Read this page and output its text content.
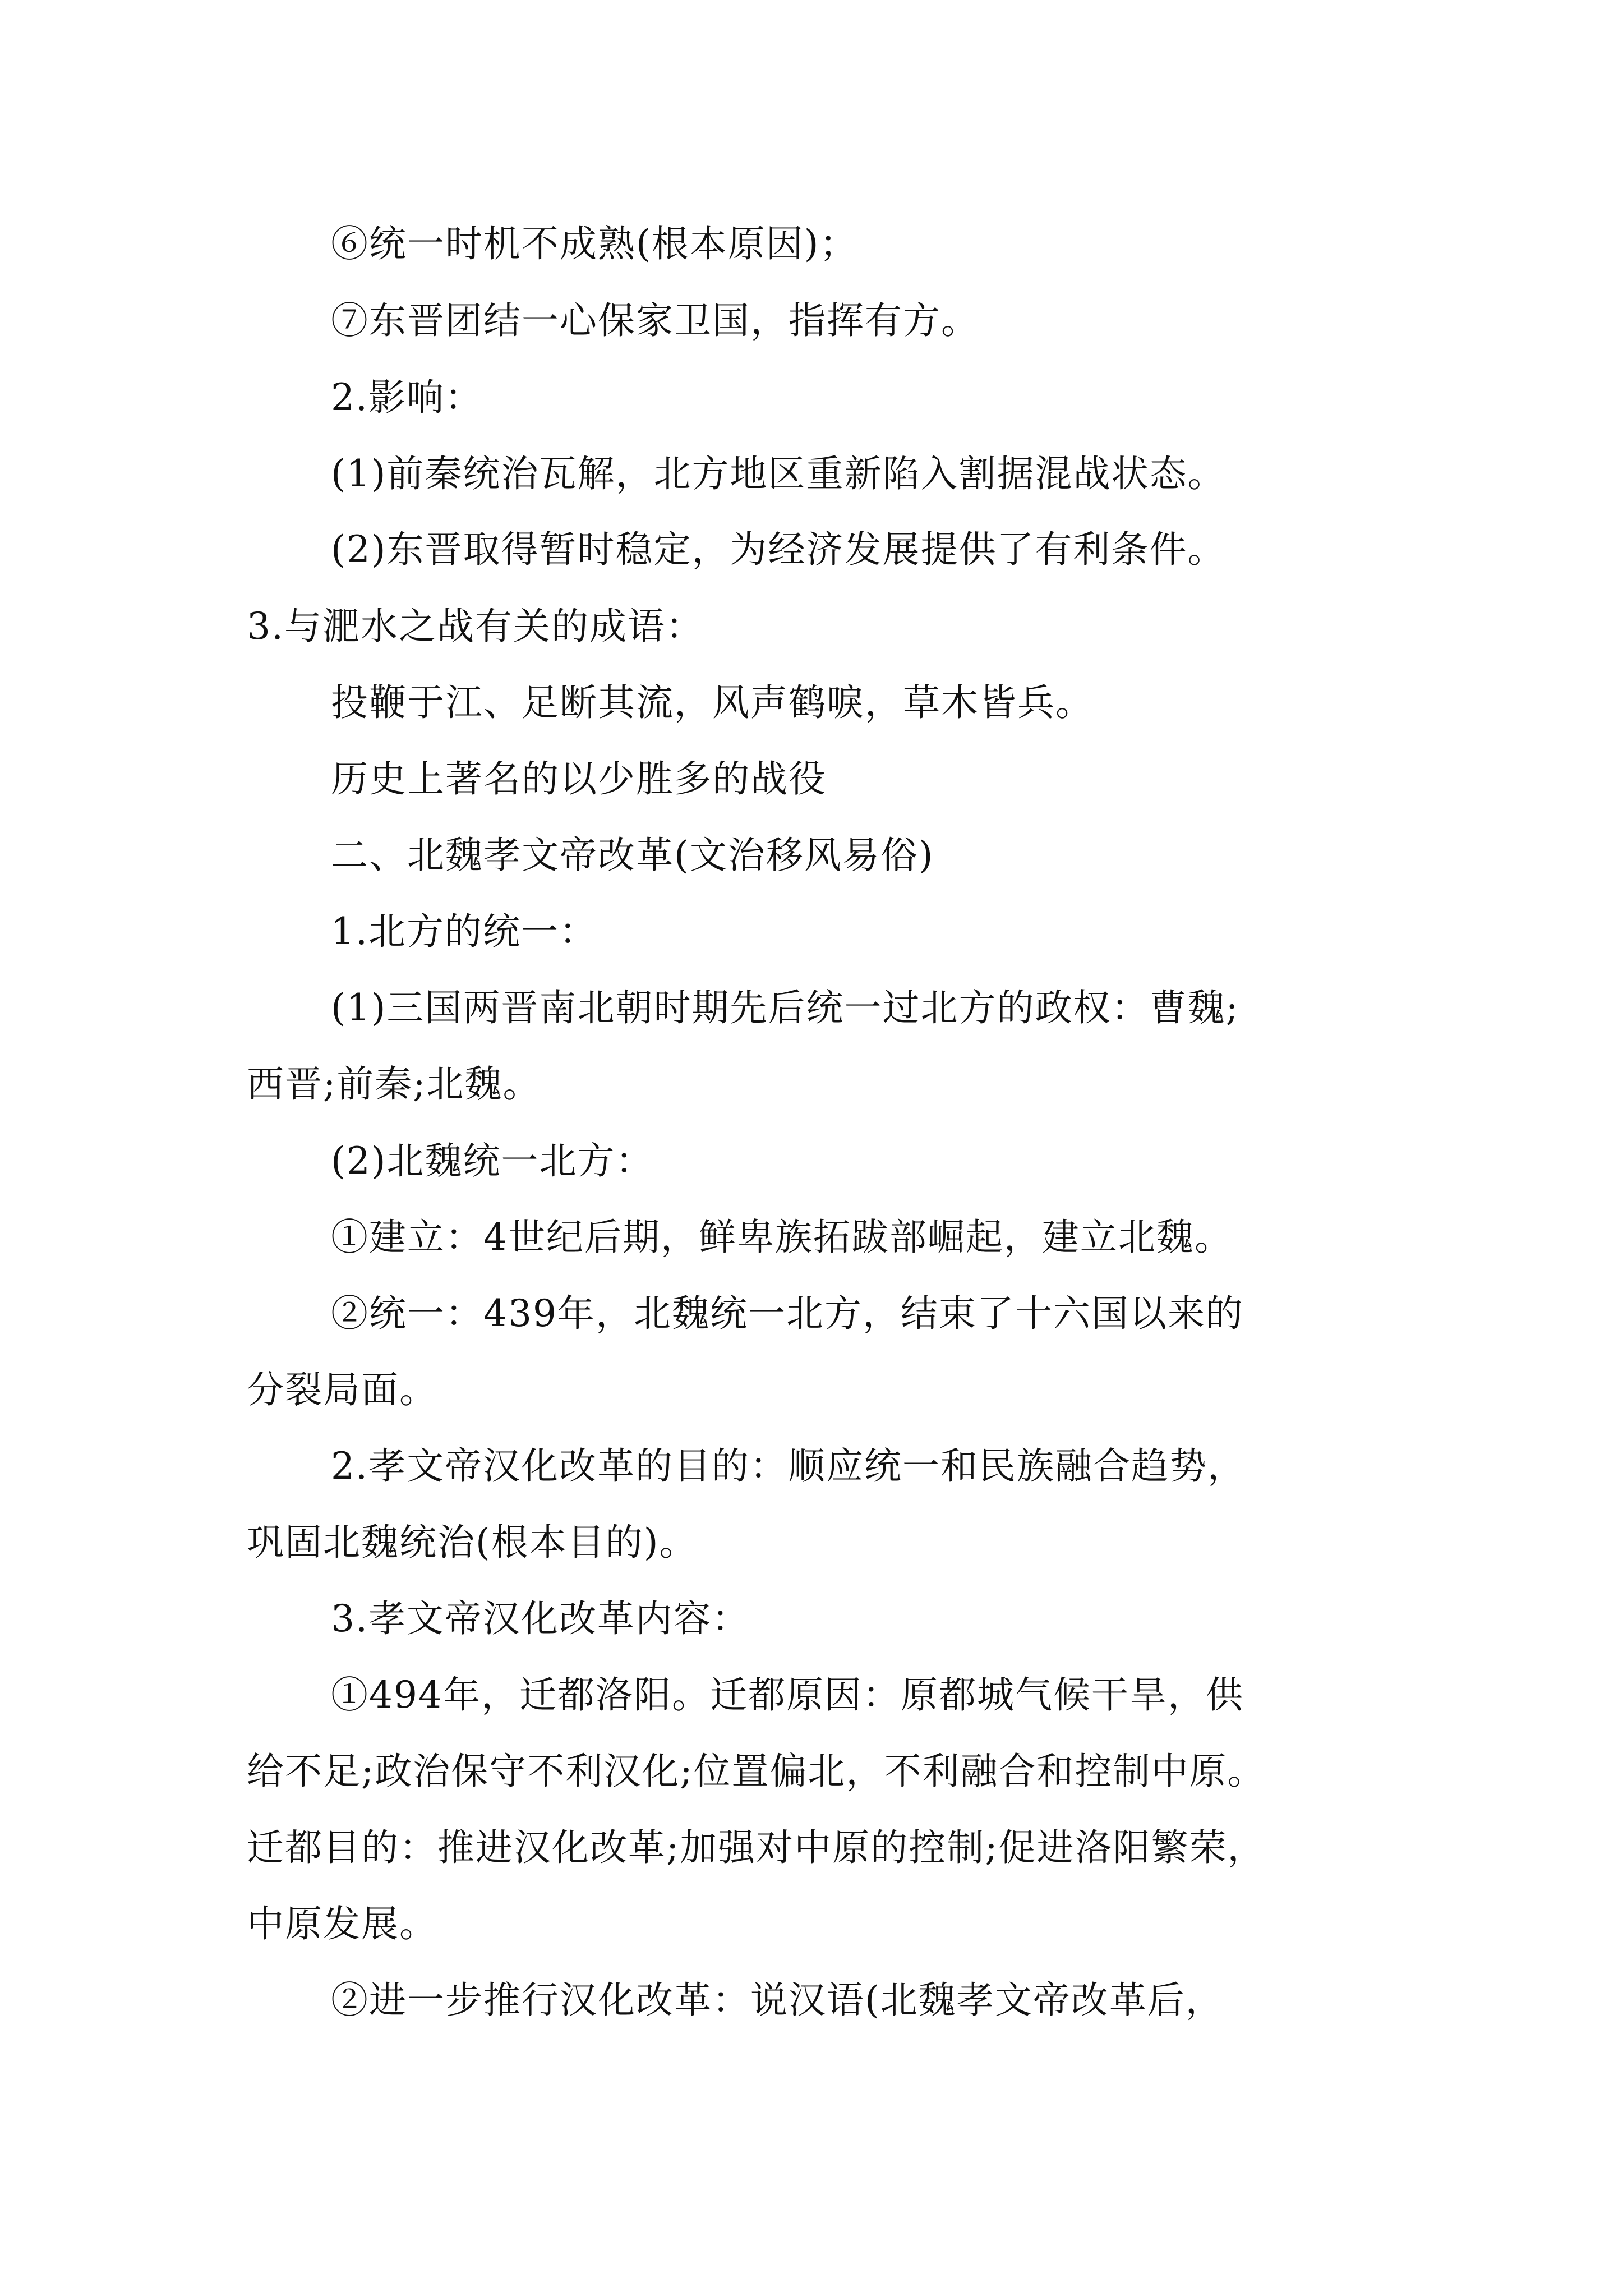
⑥统一时机不成熟(根本原因)；
⑦东晋团结一心保家卫国，指挥有方。
2.影响：
(1)前秦统治瓦解，北方地区重新陷入割据混战状态。
(2)东晋取得暂时稳定，为经济发展提供了有利条件。
3.与淝水之战有关的成语：
投鞭于江、足断其流，风声鹤唳，草木皆兵。
历史上著名的以少胜多的战役
二、北魏孝文帝改革(文治移风易俗)
1.北方的统一：
(1)三国两晋南北朝时期先后统一过北方的政权：曹魏;
西晋;前秦;北魏。
(2)北魏统一北方：
①建立：4世纪后期，鲜卑族拓跋部崛起，建立北魏。
②统一：439年，北魏统一北方，结束了十六国以来的
分裂局面。
2.孝文帝汉化改革的目的：顺应统一和民族融合趋势，
巩固北魏统治(根本目的)。
3.孝文帝汉化改革内容：
①494年，迁都洛阳。迁都原因：原都城气候干旱，供
给不足;政治保守不利汉化;位置偏北，不利融合和控制中原。
迁都目的：推进汉化改革;加强对中原的控制;促进洛阳繁荣，
中原发展。
②进一步推行汉化改革：说汉语(北魏孝文帝改革后，
